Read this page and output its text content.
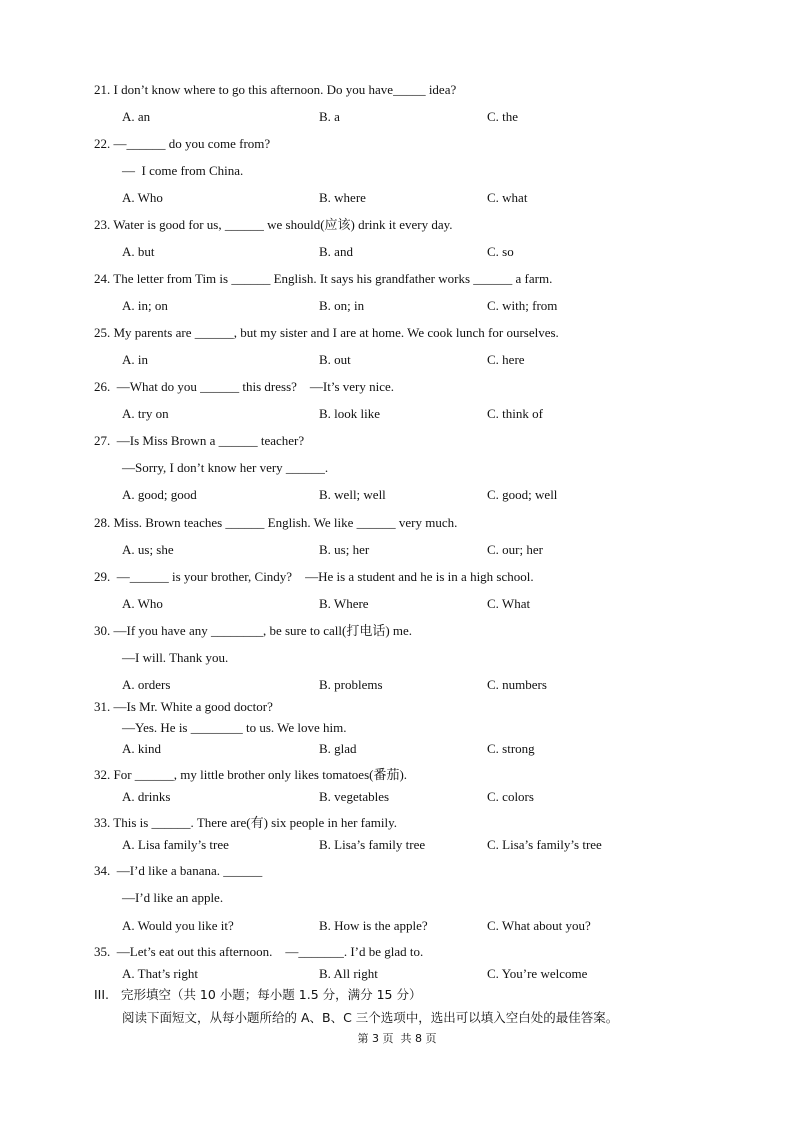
21. I don’t know where to go this afternoon. Do you have_____ idea?
A. an	B. a	C. the
22. —______ do you come from?
—  I come from China.
A. Who	B. where	C. what
23. Water is good for us, ______ we should(应该) drink it every day.
A. but	B. and	C. so
24. The letter from Tim is ______ English. It says his grandfather works ______ a farm.
A. in; on	B. on; in	C. with; from
25. My parents are ______, but my sister and I are at home. We cook lunch for ourselves.
A. in	B. out	C. here
26.  —What do you ______ this dress?    —It’s very nice.
A. try on	B. look like	C. think of
27.  —Is Miss Brown a ______ teacher?
—Sorry, I don’t know her very ______.
A. good; good	B. well; well	C. good; well
28. Miss. Brown teaches ______ English. We like ______ very much.
A. us; she	B. us; her	C. our; her
29.  —______ is your brother, Cindy?    —He is a student and he is in a high school.
A. Who	B. Where	C. What
30. —If you have any ________, be sure to call(打电话) me.
—I will. Thank you.
A. orders	B. problems	C. numbers
31. —Is Mr. White a good doctor?
—Yes. He is ________ to us. We love him.
A. kind	B. glad	C. strong
32. For ______, my little brother only likes tomatoes(番茄).
A. drinks	B. vegetables	C. colors
33. This is ______. There are(有) six people in her family.
A. Lisa family’s tree	B. Lisa’s family tree	C. Lisa’s family’s tree
34.  —I’d like a banana. ______
—I’d like an apple.
A. Would you like it?	B. How is the apple?	C. What about you?
35.  —Let’s eat out this afternoon.    —_______. I’d be glad to.
A. That’s right	B. All right	C. You’re welcome
III.   完形填空（共 10 小题；每小题 1.5 分，满分 15 分）
阅读下面短文，从每小题所给的 A、B、C 三个选项中，选出可以填入空白处的最佳答案。
第 3 页  共 8 页
